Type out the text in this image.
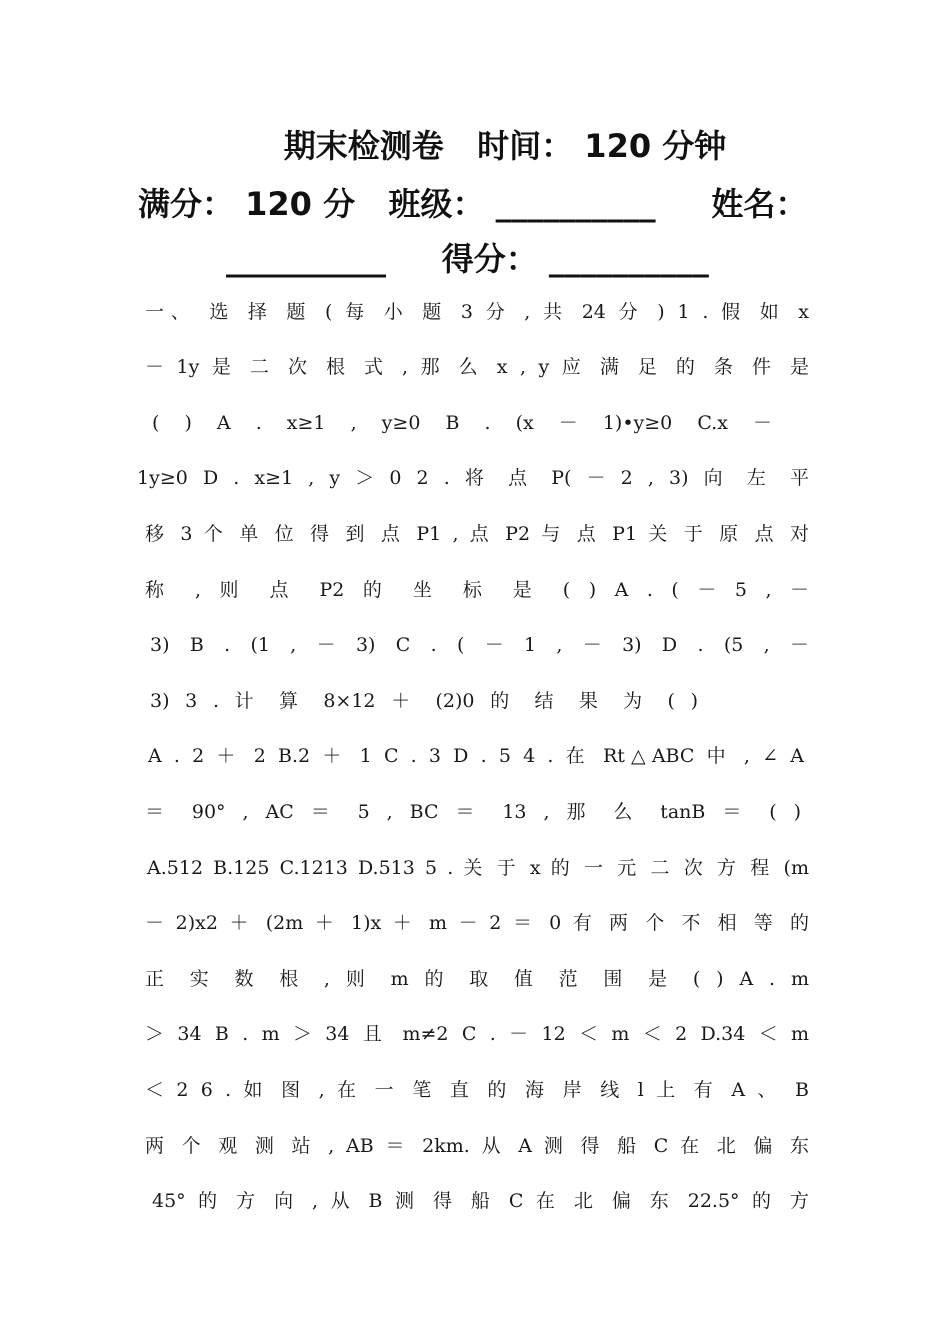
期末检测卷   时间： 120 分钟
满分： 120 分   班级： __________     姓名：
__________     得分： __________
一、 选 择 题 ( 每 小 题 3 分 , 共 24 分 ) 1 . 假 如 x
－ 1y 是 二 次 根 式 , 那 么 x , y 应 满 足 的 条 件 是
( ) A . x≥1 , y≥0 B . (x － 1)•y≥0 C.x －
1y≥0 D . x≥1 , y ＞ 0 2 . 将 点 P( － 2 , 3) 向 左 平
移 3 个 单 位 得 到 点 P1 , 点 P2 与 点 P1 关 于 原 点 对
称 , 则 点 P2 的 坐 标 是 ( ) A . ( － 5 , －
3) B . (1 , － 3) C . ( － 1 , － 3) D . (5 , －
3) 3 . 计 算 8×12 ＋ (2)0 的 结 果 为 ( )
A . 2 ＋ 2 B.2 ＋ 1 C . 3 D . 5 4 . 在 Rt△ABC 中 , ∠ A
＝ 90° , AC ＝ 5 , BC ＝ 13 , 那 么 tanB ＝ ( )
A.512 B.125 C.1213 D.513 5 . 关 于 x 的 一 元 二 次 方 程 (m
－ 2)x2 ＋ (2m ＋ 1)x ＋ m － 2 ＝ 0 有 两 个 不 相 等 的
正 实 数 根 , 则 m 的 取 值 范 围 是 ( ) A . m
＞ 34 B . m ＞ 34 且 m≠2 C . － 12 ＜ m ＜ 2 D.34 ＜ m
＜ 2 6 . 如 图 , 在 一 笔 直 的 海 岸 线 l 上 有 A 、 B
两 个 观 测 站 , AB ＝ 2km. 从 A 测 得 船 C 在 北 偏 东
45° 的 方 向 , 从 B 测 得 船 C 在 北 偏 东 22.5° 的 方
